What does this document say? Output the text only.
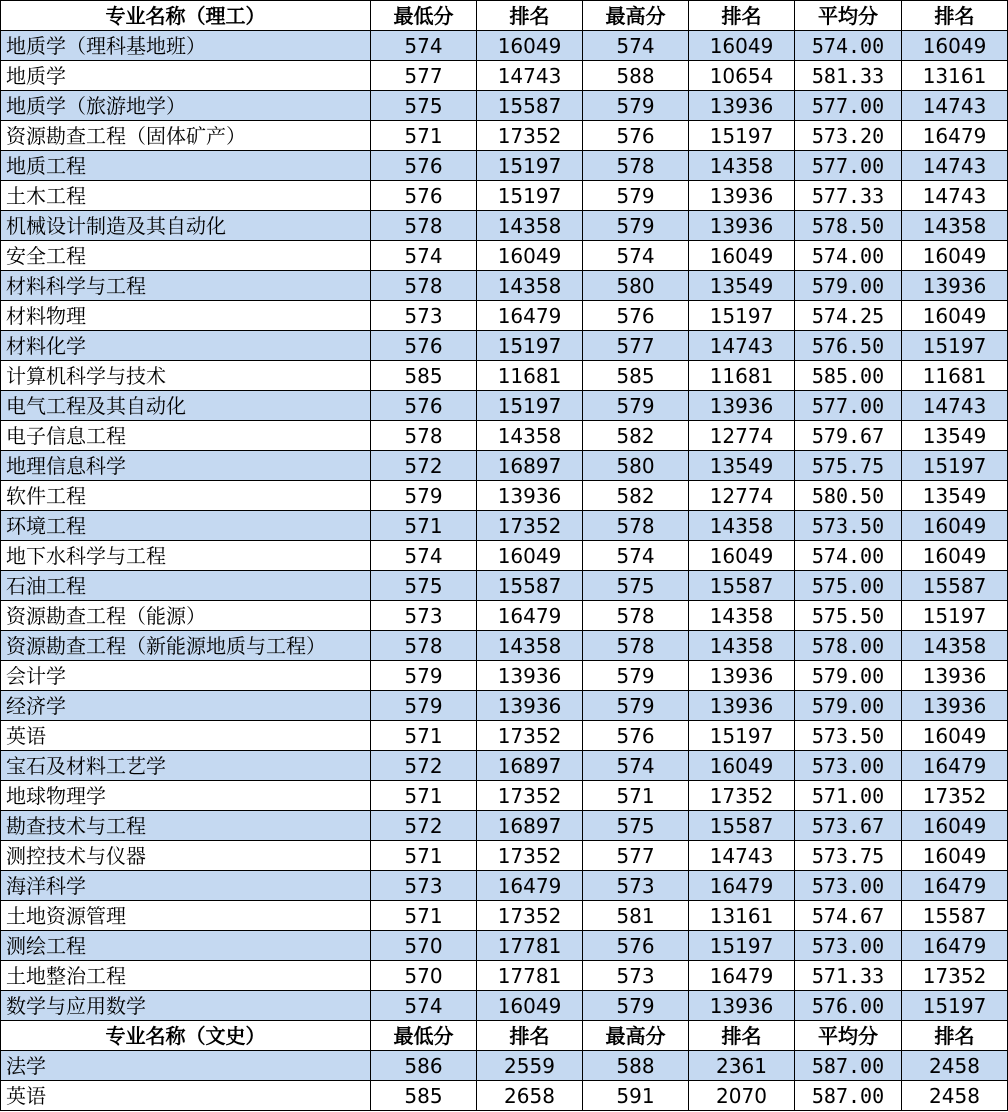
专业名称（理工）	最低分	排名	最高分	排名	平均分	排名
地质学（理科基地班）	574	16049	574	16049	574.00	16049
地质学	577	14743	588	10654	581.33	13161
地质学（旅游地学）	575	15587	579	13936	577.00	14743
资源勘查工程（固体矿产）	571	17352	576	15197	573.20	16479
地质工程	576	15197	578	14358	577.00	14743
土木工程	576	15197	579	13936	577.33	14743
机械设计制造及其自动化	578	14358	579	13936	578.50	14358
安全工程	574	16049	574	16049	574.00	16049
材料科学与工程	578	14358	580	13549	579.00	13936
材料物理	573	16479	576	15197	574.25	16049
材料化学	576	15197	577	14743	576.50	15197
计算机科学与技术	585	11681	585	11681	585.00	11681
电气工程及其自动化	576	15197	579	13936	577.00	14743
电子信息工程	578	14358	582	12774	579.67	13549
地理信息科学	572	16897	580	13549	575.75	15197
软件工程	579	13936	582	12774	580.50	13549
环境工程	571	17352	578	14358	573.50	16049
地下水科学与工程	574	16049	574	16049	574.00	16049
石油工程	575	15587	575	15587	575.00	15587
资源勘查工程（能源）	573	16479	578	14358	575.50	15197
资源勘查工程（新能源地质与工程）	578	14358	578	14358	578.00	14358
会计学	579	13936	579	13936	579.00	13936
经济学	579	13936	579	13936	579.00	13936
英语	571	17352	576	15197	573.50	16049
宝石及材料工艺学	572	16897	574	16049	573.00	16479
地球物理学	571	17352	571	17352	571.00	17352
勘查技术与工程	572	16897	575	15587	573.67	16049
测控技术与仪器	571	17352	577	14743	573.75	16049
海洋科学	573	16479	573	16479	573.00	16479
土地资源管理	571	17352	581	13161	574.67	15587
测绘工程	570	17781	576	15197	573.00	16479
土地整治工程	570	17781	573	16479	571.33	17352
数学与应用数学	574	16049	579	13936	576.00	15197
专业名称（文史）	最低分	排名	最高分	排名	平均分	排名
法学	586	2559	588	2361	587.00	2458
英语	585	2658	591	2070	587.00	2458
